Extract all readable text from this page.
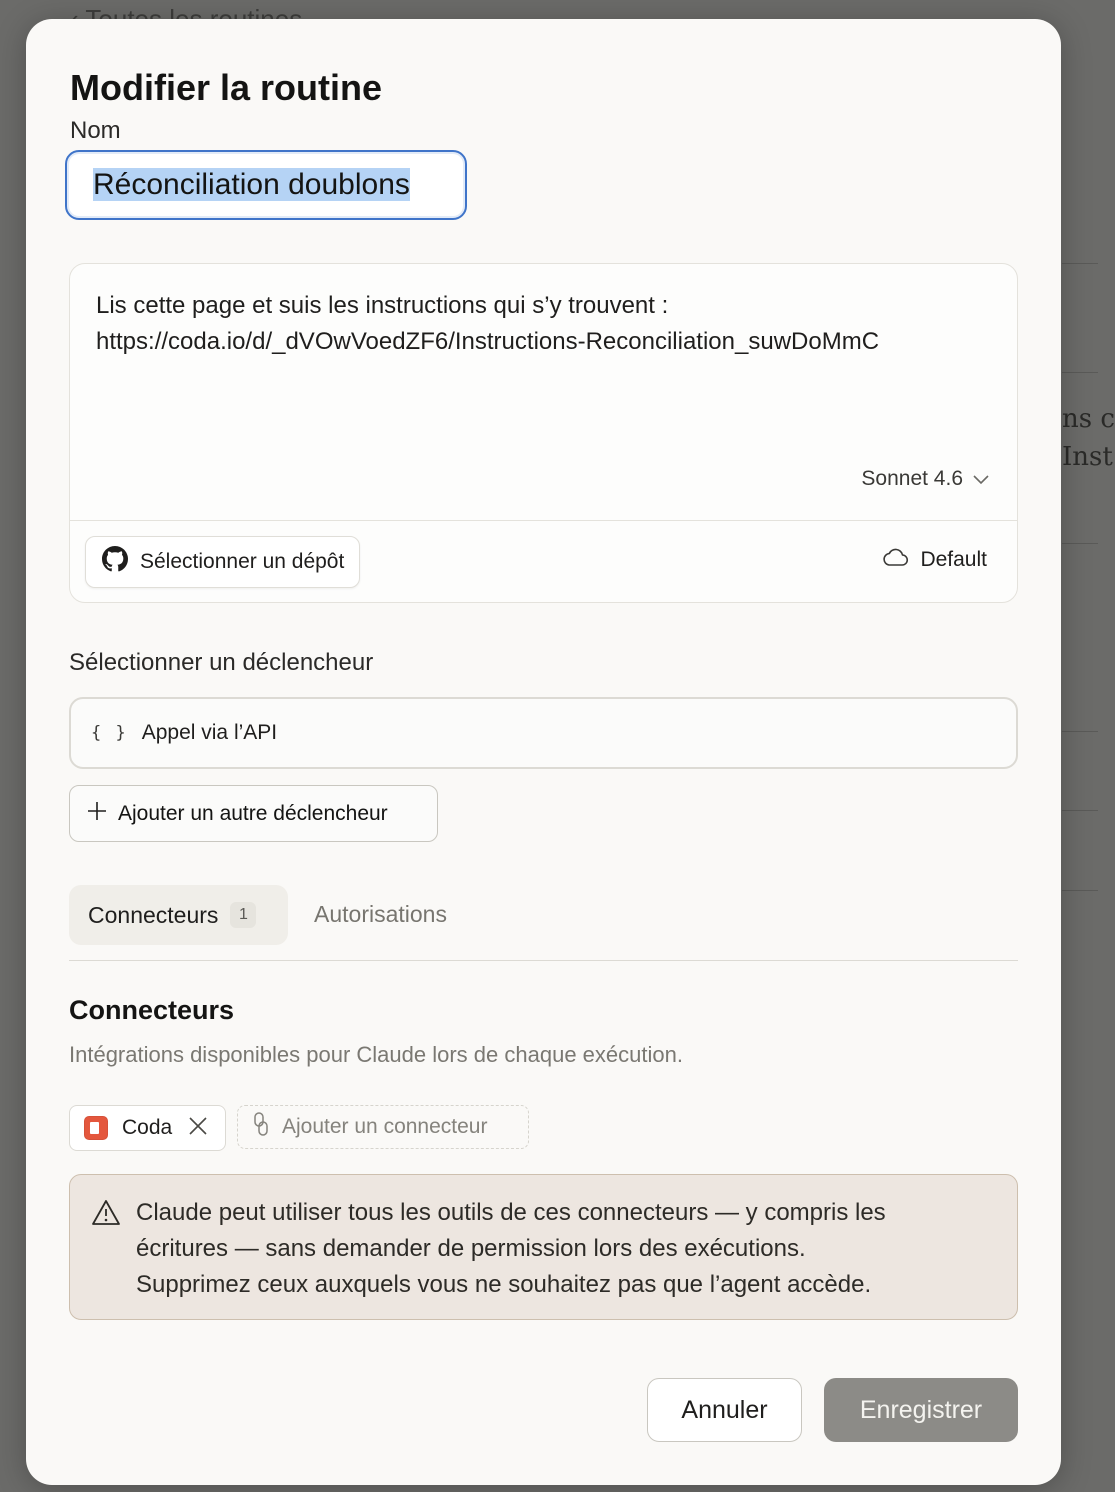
ns c
Inst
Modifier la routine
Nom
Réconciliation doublons
Lis cette page et suis les instructions qui s’y trouvent :
https://coda.io/d/_dVOwVoedZF6/Instructions-Reconciliation_suwDoMmC
Sonnet 4.6
Sélectionner un dépôt	Default
Sélectionner un déclencheur
{ } Appel via l’API
Ajouter un autre déclencheur
Connecteurs	1	Autorisations
Connecteurs
Intégrations disponibles pour Claude lors de chaque exécution.
Coda	Ajouter un connecteur
Claude peut utiliser tous les outils de ces connecteurs — y compris les
écritures — sans demander de permission lors des exécutions.
Supprimez ceux auxquels vous ne souhaitez pas que l’agent accède.
Annuler	Enregistrer
